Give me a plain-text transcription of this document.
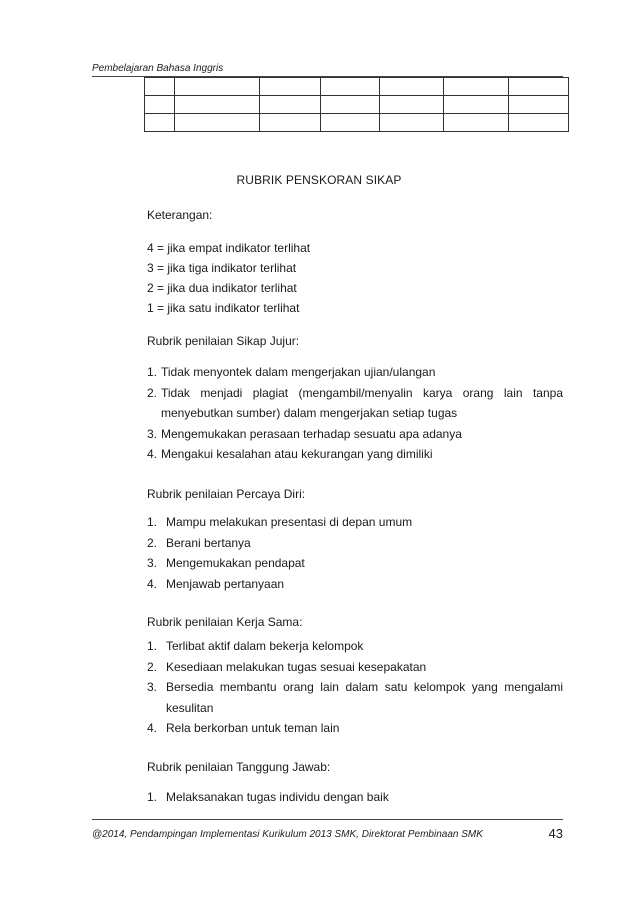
Pembelajaran Bahasa Inggris

RUBRIK PENSKORAN SIKAP
Keterangan:
4 = jika empat indikator terlihat
3 = jika tiga indikator terlihat
2 = jika dua indikator terlihat
1 = jika satu indikator terlihat
Rubrik penilaian Sikap Jujur:
1. Tidak menyontek dalam mengerjakan ujian/ulangan
2. Tidak menjadi plagiat (mengambil/menyalin karya orang lain tanpa
menyebutkan sumber) dalam mengerjakan setiap tugas
3. Mengemukakan perasaan terhadap sesuatu apa adanya
4. Mengakui kesalahan atau kekurangan yang dimiliki
Rubrik penilaian Percaya Diri:
1. Mampu melakukan presentasi di depan umum
2. Berani bertanya
3. Mengemukakan pendapat
4. Menjawab pertanyaan
Rubrik penilaian Kerja Sama:
1. Terlibat aktif dalam bekerja kelompok
2. Kesediaan melakukan tugas sesuai kesepakatan
3. Bersedia membantu orang lain dalam satu kelompok yang mengalami
kesulitan
4. Rela berkorban untuk teman lain
Rubrik penilaian Tanggung Jawab:
1. Melaksanakan tugas individu dengan baik
@2014, Pendampingan Implementasi Kurikulum 2013 SMK, Direktorat Pembinaan SMK	43
